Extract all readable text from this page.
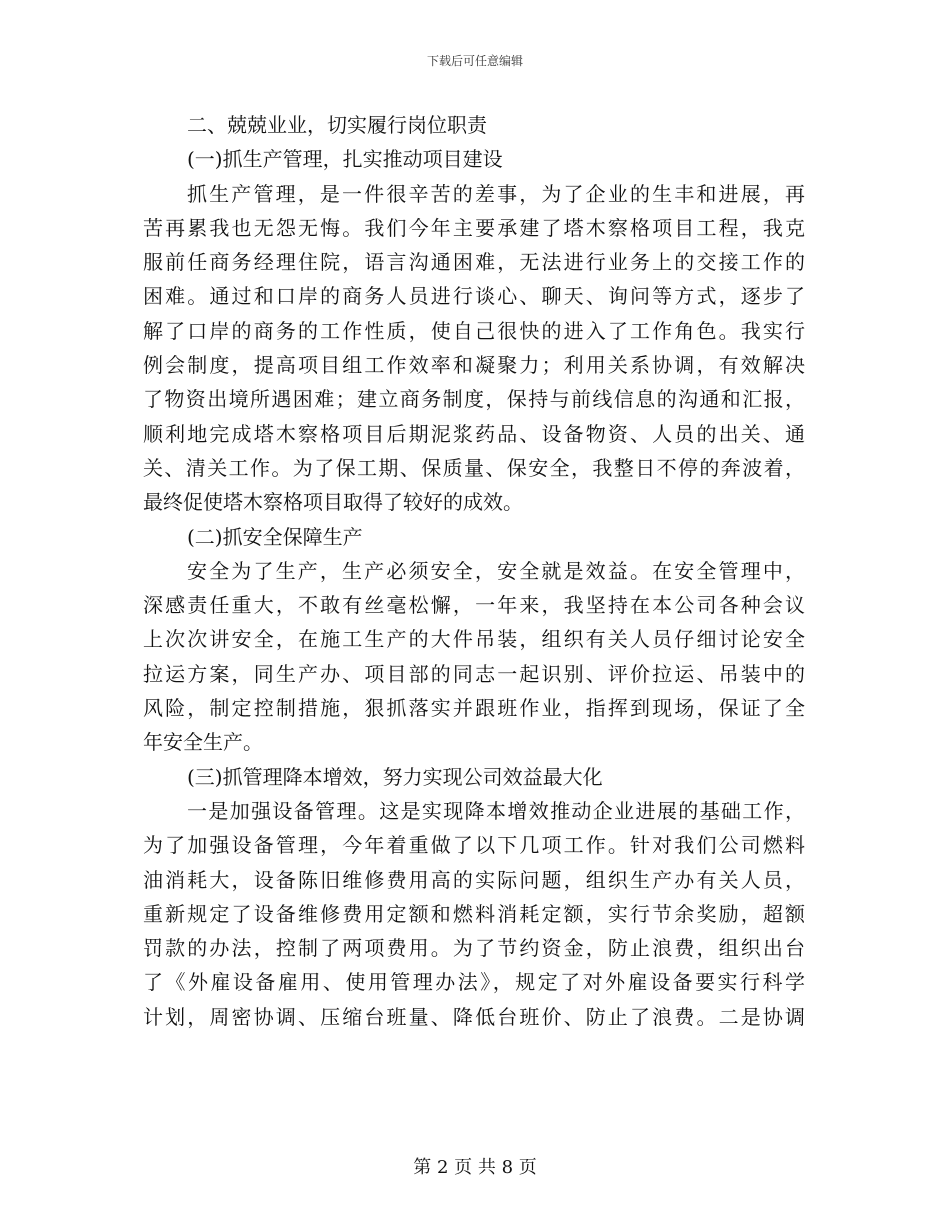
下载后可任意编辑
二、兢兢业业，切实履行岗位职责
(一)抓生产管理，扎实推动项目建设
抓生产管理，是一件很辛苦的差事，为了企业的生丰和进展，再
苦再累我也无怨无悔。我们今年主要承建了塔木察格项目工程，我克
服前任商务经理住院，语言沟通困难，无法进行业务上的交接工作的
困难。通过和口岸的商务人员进行谈心、聊天、询问等方式，逐步了
解了口岸的商务的工作性质，使自己很快的进入了工作角色。我实行
例会制度，提高项目组工作效率和凝聚力；利用关系协调，有效解决
了物资出境所遇困难；建立商务制度，保持与前线信息的沟通和汇报，
顺利地完成塔木察格项目后期泥浆药品、设备物资、人员的出关、通
关、清关工作。为了保工期、保质量、保安全，我整日不停的奔波着，
最终促使塔木察格项目取得了较好的成效。
(二)抓安全保障生产
安全为了生产，生产必须安全，安全就是效益。在安全管理中，
深感责任重大，不敢有丝毫松懈，一年来，我坚持在本公司各种会议
上次次讲安全，在施工生产的大件吊装，组织有关人员仔细讨论安全
拉运方案，同生产办、项目部的同志一起识别、评价拉运、吊装中的
风险，制定控制措施，狠抓落实并跟班作业，指挥到现场，保证了全
年安全生产。
(三)抓管理降本增效，努力实现公司效益最大化
一是加强设备管理。这是实现降本增效推动企业进展的基础工作，
为了加强设备管理，今年着重做了以下几项工作。针对我们公司燃料
油消耗大，设备陈旧维修费用高的实际问题，组织生产办有关人员，
重新规定了设备维修费用定额和燃料消耗定额，实行节余奖励，超额
罚款的办法，控制了两项费用。为了节约资金，防止浪费，组织出台
了《外雇设备雇用、使用管理办法》，规定了对外雇设备要实行科学
计划，周密协调、压缩台班量、降低台班价、防止了浪费。二是协调
第 2 页 共 8 页
